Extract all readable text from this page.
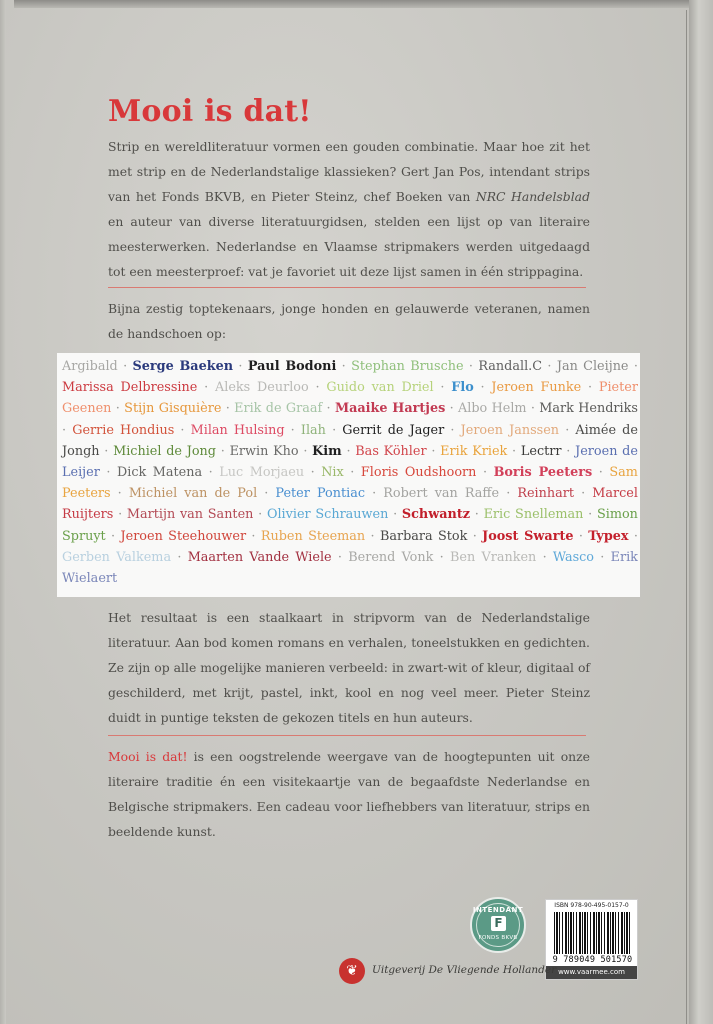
Mooi is dat!
Strip en wereldliteratuur vormen een gouden combinatie. Maar hoe zit het met strip en de Nederlandstalige klassieken? Gert Jan Pos, intendant strips van het Fonds BKVB, en Pieter Steinz, chef Boeken van NRC Handelsblad en auteur van diverse literatuurgidsen, stelden een lijst op van literaire meesterwerken. Nederlandse en Vlaamse stripmakers werden uitgedaagd tot een meesterproef: vat je favoriet uit deze lijst samen in één strippagina.
Bijna zestig toptekenaars, jonge honden en gelauwerde veteranen, namen de handschoen op:
Argibald · Serge Baeken · Paul Bodoni · Stephan Brusche · Randall.C · Jan Cleijne · Marissa Delbressine · Aleks Deurloo · Guido van Driel · Flo · Jeroen Funke · Pieter Geenen · Stijn Gisquière · Erik de Graaf · Maaike Hartjes · Albo Helm · Mark Hendriks · Gerrie Hondius · Milan Hulsing · Ilah · Gerrit de Jager · Jeroen Janssen · Aimée de Jongh · Michiel de Jong · Erwin Kho · Kim · Bas Köhler · Erik Kriek · Lectrr · Jeroen de Leijer · Dick Matena · Luc Morjaeu · Nix · Floris Oudshoorn · Boris Peeters · Sam Peeters · Michiel van de Pol · Peter Pontiac · Robert van Raffe · Reinhart · Marcel Ruijters · Martijn van Santen · Olivier Schrauwen · Schwantz · Eric Snelleman · Simon Spruyt · Jeroen Steehouwer · Ruben Steeman · Barbara Stok · Joost Swarte · Typex · Gerben Valkema · Maarten Vande Wiele · Berend Vonk · Ben Vranken · Wasco · Erik Wielaert
Het resultaat is een staalkaart in stripvorm van de Nederlandstalige literatuur. Aan bod komen romans en verhalen, toneelstukken en gedichten. Ze zijn op alle mogelijke manieren verbeeld: in zwart-wit of kleur, digitaal of geschilderd, met krijt, pastel, inkt, kool en nog veel meer. Pieter Steinz duidt in puntige teksten de gekozen titels en hun auteurs.
Mooi is dat! is een oogstrelende weergave van de hoogtepunten uit onze literaire traditie én een visitekaartje van de begaafdste Nederlandse en Belgische stripmakers. Een cadeau voor liefhebbers van literatuur, strips en beeldende kunst.
INTENDANT
F
FONDS BKVB
ISBN 978-90-495-0157-0
9 789049 501570
www.vaarmee.com
❦	Uitgeverij De Vliegende Hollander
